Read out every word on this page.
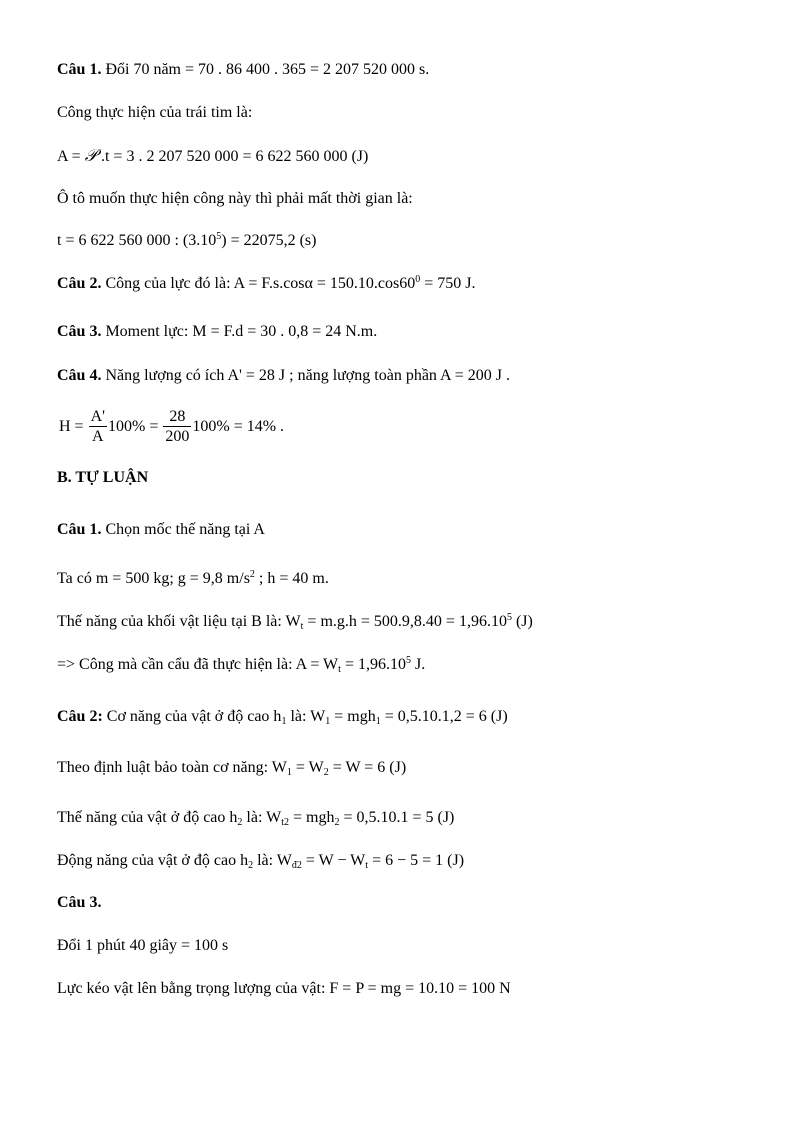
Câu 1. Đổi 70 năm = 70 . 86 400 . 365 = 2 207 520 000 s.
Công thực hiện của trái tim là:
A = 𝒫 .t = 3 . 2 207 520 000 = 6 622 560 000 (J)
Ô tô muốn thực hiện công này thì phải mất thời gian là:
t = 6 622 560 000 : $(3.10^5) = 22075,2$ (s)
Câu 2. Công của lực đó là: $A = F.s.\cos\alpha = 150.10.\cos 60^0 = 750$ J.
Câu 3. Moment lực: M = F.d = 30 . 0,8 = 24 N.m.
Câu 4. Năng lượng có ích A' = 28 J ; năng lượng toàn phần A = 200 J .
$H = \frac{A'}{A} 100\% = \frac{28}{200} 100\% = 14\%$ .
B. TỰ LUẬN
Câu 1. Chọn mốc thế năng tại A
Ta có m = 500 kg; g = 9,8 $m/s^2$ ; h = 40 m.
Thế năng của khối vật liệu tại B là: $W_t = m.g.h = 500.9,8.40 = 1,96.10^5$ (J)
=> Công mà cần cẩu đã thực hiện là: $A = W_t = 1,96.10^5$ J.
Câu 2: Cơ năng của vật ở độ cao $h_1$ là: $W_1 = mgh_1 = 0,5.10.1,2 = 6$ (J)
Theo định luật bảo toàn cơ năng: $W_1 = W_2 = W = 6$ (J)
Thế năng của vật ở độ cao $h_2$ là: $W_{t2} = mgh_2 = 0,5.10.1 = 5$ (J)
Động năng của vật ở độ cao $h_2$ là: $W_{đ2} = W - W_t = 6 - 5 = 1$ (J)
Câu 3.
Đổi 1 phút 40 giây = 100 s
Lực kéo vật lên bằng trọng lượng của vật: F = P = mg = 10.10 = 100 N
